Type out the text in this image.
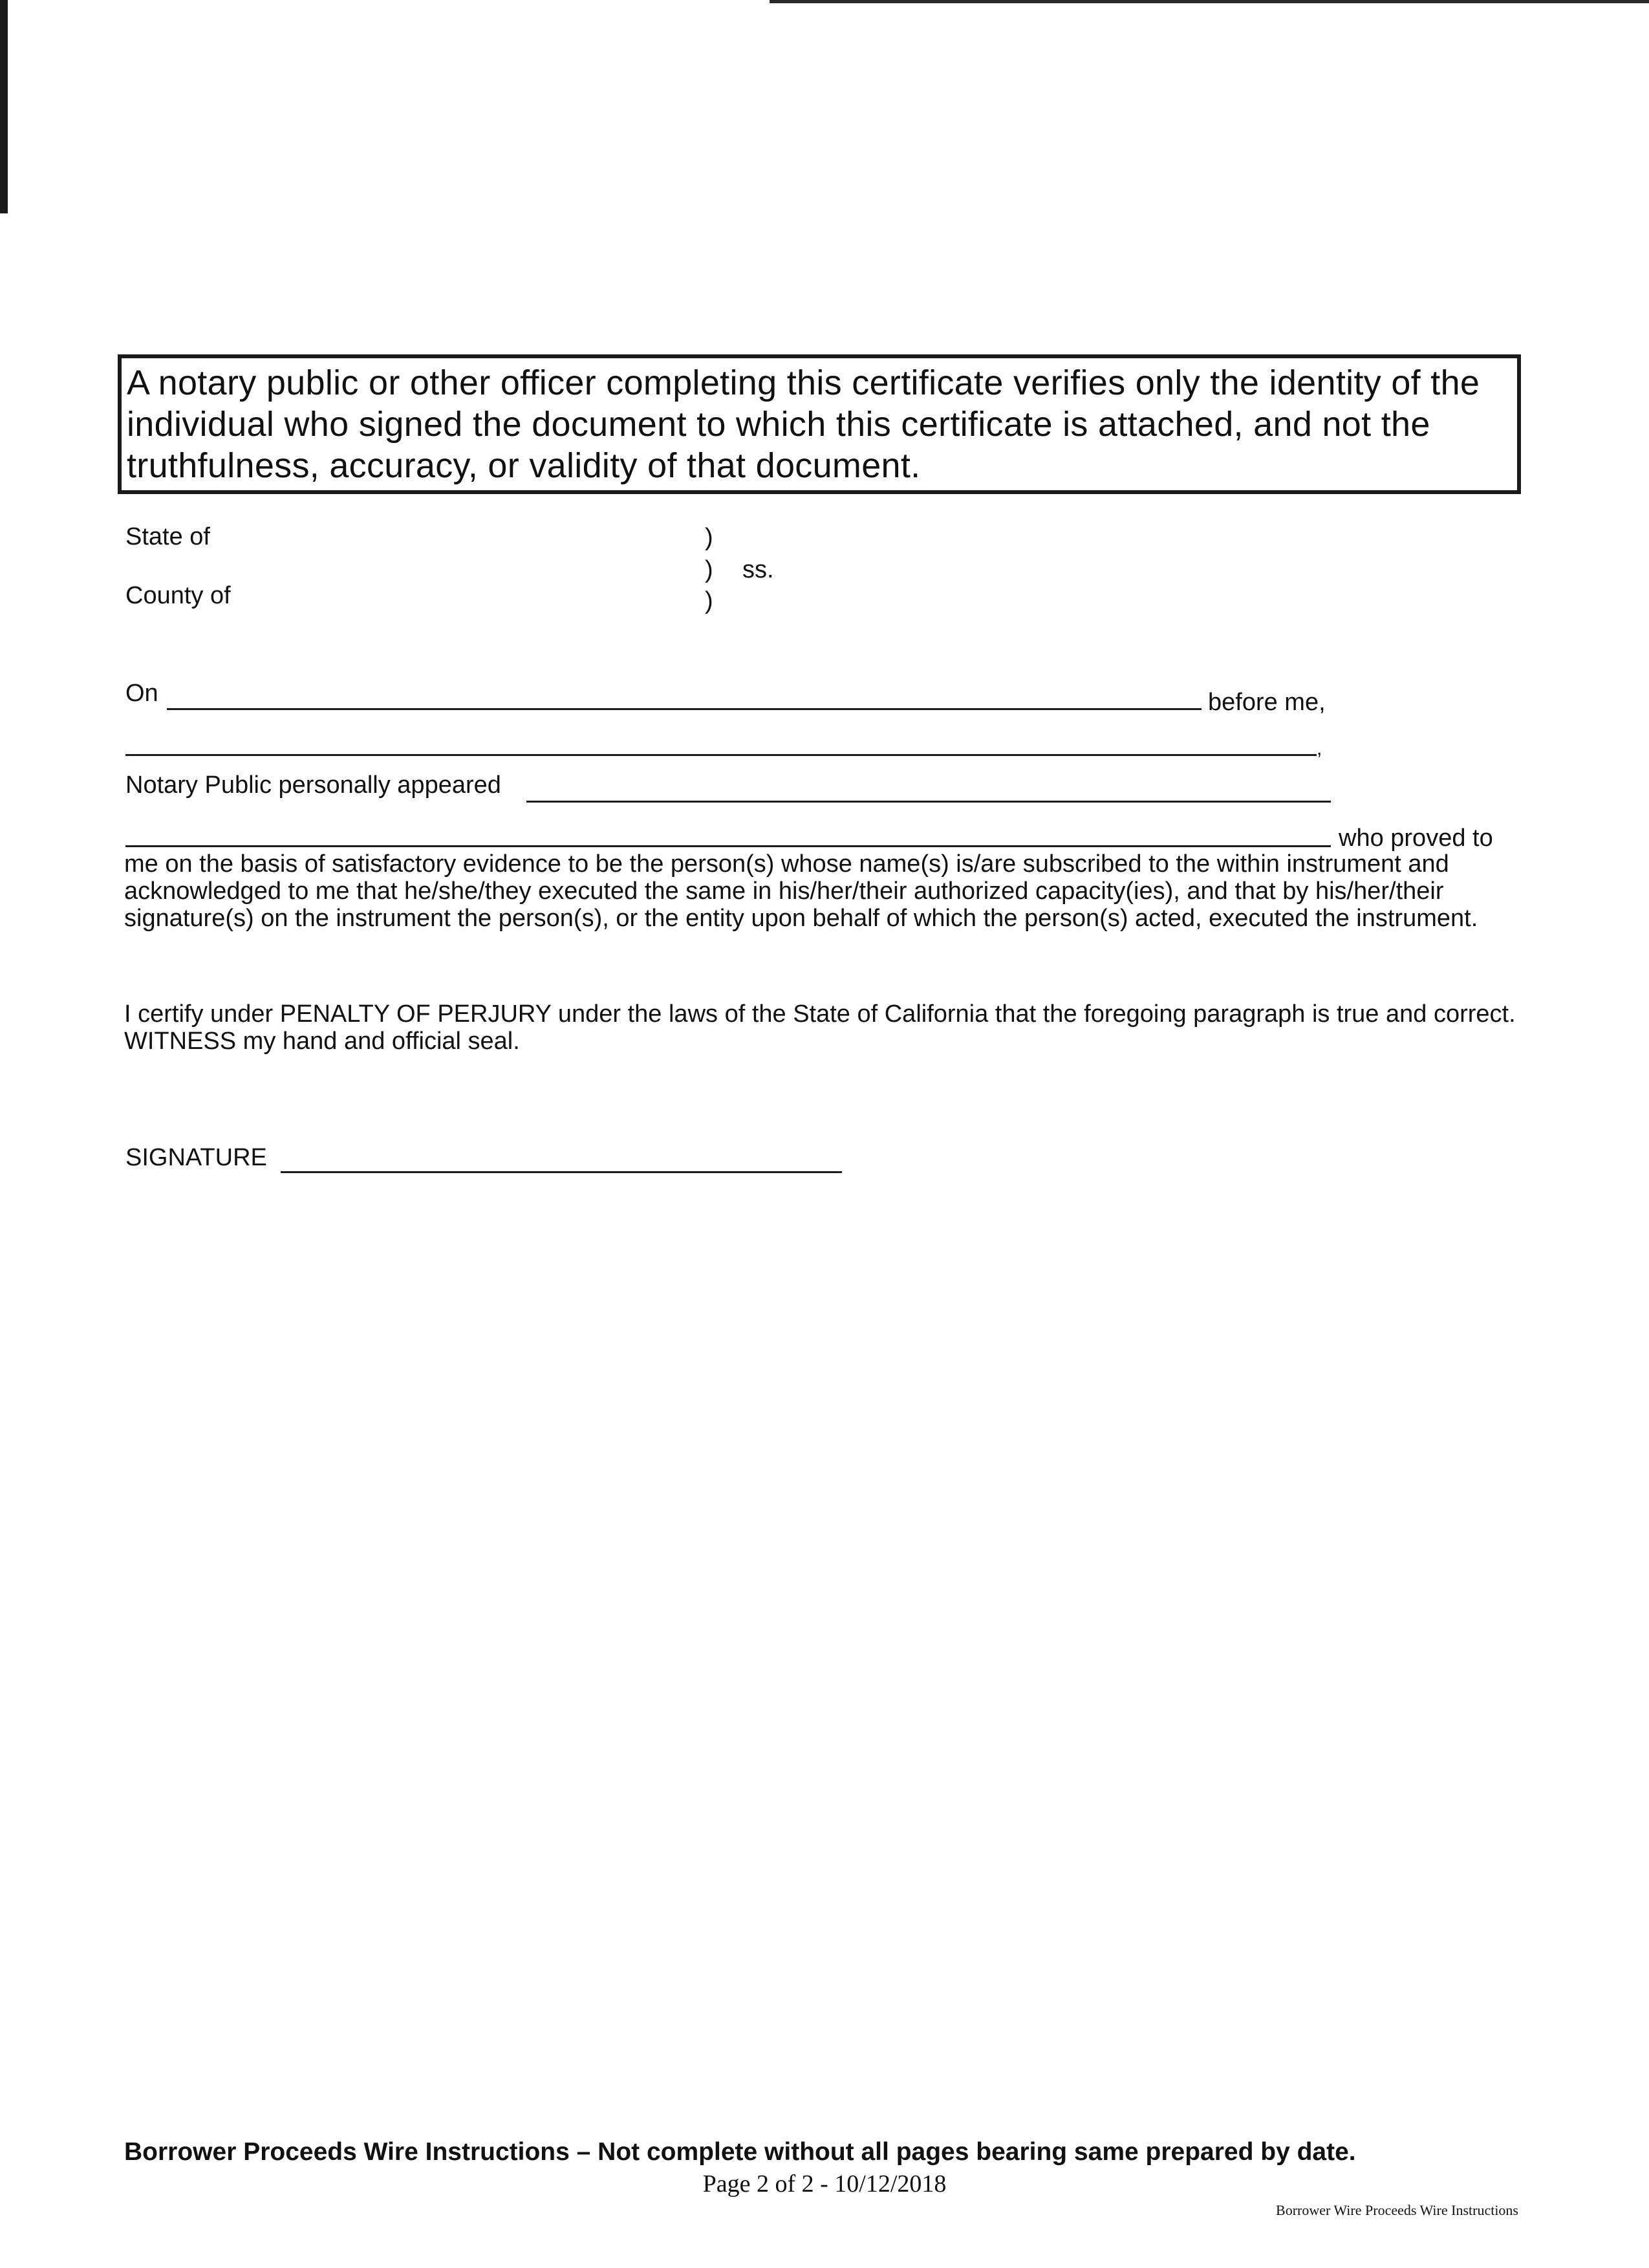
A notary public or other officer completing this certificate verifies only the identity of the individual who signed the document to which this certificate is attached, and not the truthfulness, accuracy, or validity of that document.
State of
County of
)
)
)
ss.
On	before me,
,
Notary Public personally appeared
who proved to
me on the basis of satisfactory evidence to be the person(s) whose name(s) is/are subscribed to the within instrument and acknowledged to me that he/she/they executed the same in his/her/their authorized capacity(ies), and that by his/her/their signature(s) on the instrument the person(s), or the entity upon behalf of which the person(s) acted, executed the instrument.
I certify under PENALTY OF PERJURY under the laws of the State of California that the foregoing paragraph is true and correct. WITNESS my hand and official seal.
SIGNATURE
Borrower Proceeds Wire Instructions – Not complete without all pages bearing same prepared by date.
Page 2 of 2 - 10/12/2018
Borrower Wire Proceeds Wire Instructions
